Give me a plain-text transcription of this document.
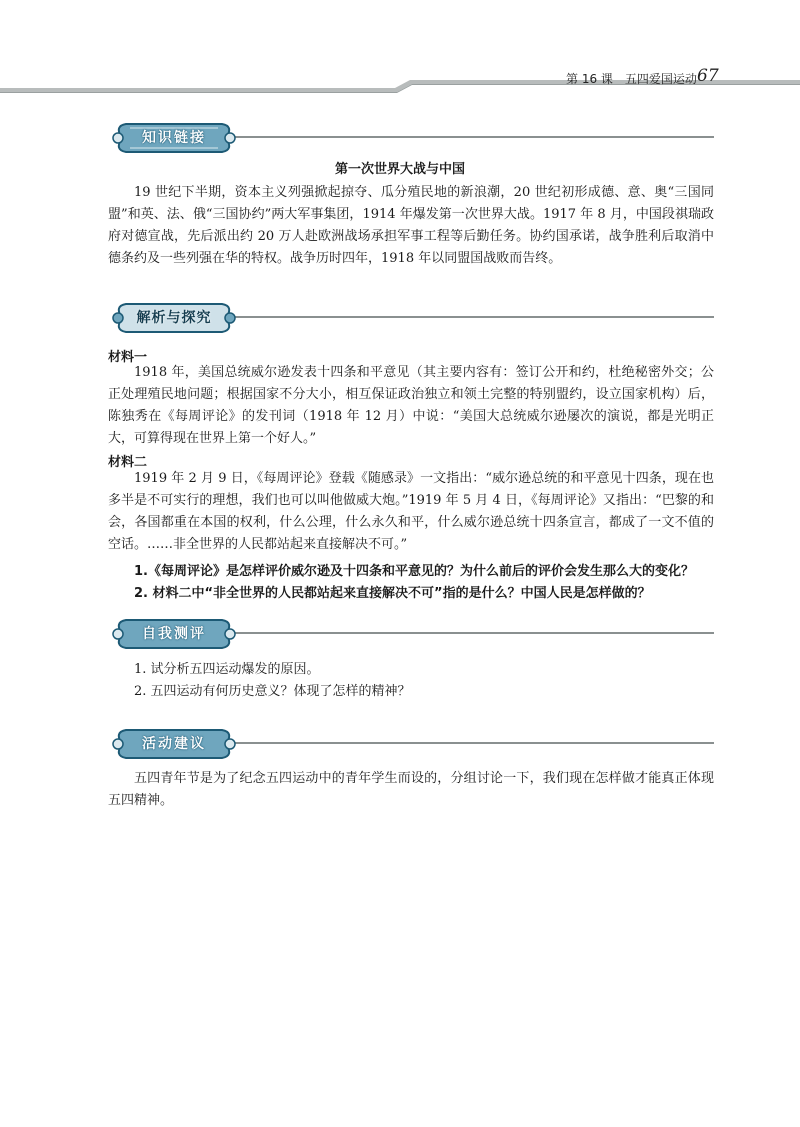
第 16 课　五四爱国运动 67
知识链接
第一次世界大战与中国

19 世纪下半期，资本主义列强掀起掠夺、瓜分殖民地的新浪潮，20 世纪初形成德、意、奥“三国同盟”和英、法、俄“三国协约”两大军事集团，1914 年爆发第一次世界大战。1917 年 8 月，中国段祺瑞政府对德宣战，先后派出约 20 万人赴欧洲战场承担军事工程等后勤任务。协约国承诺，战争胜利后取消中德条约及一些列强在华的特权。战争历时四年，1918 年以同盟国战败而告终。

解析与探究
材料一

1918 年，美国总统威尔逊发表十四条和平意见（其主要内容有：签订公开和约，杜绝秘密外交；公正处理殖民地问题；根据国家不分大小，相互保证政治独立和领土完整的特别盟约，设立国家机构）后，陈独秀在《每周评论》的发刊词（1918 年 12 月）中说：“美国大总统威尔逊屡次的演说，都是光明正大，可算得现在世界上第一个好人。”

材料二

1919 年 2 月 9 日，《每周评论》登载《随感录》一文指出：“威尔逊总统的和平意见十四条，现在也多半是不可实行的理想，我们也可以叫他做威大炮。”1919 年 5 月 4 日，《每周评论》又指出：“巴黎的和会，各国都重在本国的权利，什么公理，什么永久和平，什么威尔逊总统十四条宣言，都成了一文不值的空话。……非全世界的人民都站起来直接解决不可。”

1.《每周评论》是怎样评价威尔逊及十四条和平意见的？为什么前后的评价会发生那么大的变化？
2. 材料二中“非全世界的人民都站起来直接解决不可”指的是什么？中国人民是怎样做的？
自我测评
1. 试分析五四运动爆发的原因。
2. 五四运动有何历史意义？体现了怎样的精神？
活动建议

五四青年节是为了纪念五四运动中的青年学生而设的，分组讨论一下，我们现在怎样做才能真正体现五四精神。
